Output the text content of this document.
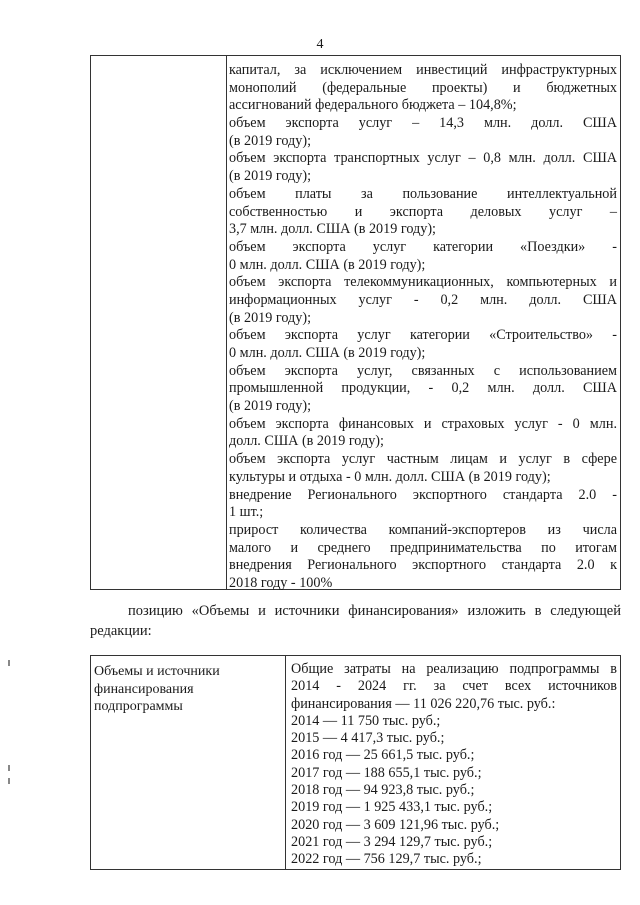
4
капитал, за исключением инвестиций инфраструктурных
монополий (федеральные проекты) и бюджетных
ассигнований федерального бюджета – 104,8%;
объем экспорта услуг – 14,3 млн. долл. США
(в 2019 году);
объем экспорта транспортных услуг – 0,8 млн. долл. США
(в 2019 году);
объем платы за пользование интеллектуальной
собственностью и экспорта деловых услуг –
3,7 млн. долл. США (в 2019 году);
объем экспорта услуг категории «Поездки» -
0 млн. долл. США (в 2019 году);
объем экспорта телекоммуникационных, компьютерных и
информационных услуг - 0,2 млн. долл. США
(в 2019 году);
объем экспорта услуг категории «Строительство» -
0 млн. долл. США (в 2019 году);
объем экспорта услуг, связанных с использованием
промышленной продукции, - 0,2 млн. долл. США
(в 2019 году);
объем экспорта финансовых и страховых услуг - 0 млн.
долл. США (в 2019 году);
объем экспорта услуг частным лицам и услуг в сфере
культуры и отдыха - 0 млн. долл. США (в 2019 году);
внедрение Регионального экспортного стандарта 2.0 -
1 шт.;
прирост количества компаний-экспортеров из числа
малого и среднего предпринимательства по итогам
внедрения Регионального экспортного стандарта 2.0 к
2018 году - 100%
позицию «Объемы и источники финансирования» изложить в следующей
редакции:
Объемы и источники
финансирования
подпрограммы
Общие затраты на реализацию подпрограммы в
2014 - 2024 гг. за счет всех источников
финансирования — 11 026 220,76 тыс. руб.:
2014 — 11 750 тыс. руб.;
2015 — 4 417,3 тыс. руб.;
2016 год — 25 661,5 тыс. руб.;
2017 год — 188 655,1 тыс. руб.;
2018 год — 94 923,8 тыс. руб.;
2019 год — 1 925 433,1 тыс. руб.;
2020 год — 3 609 121,96 тыс. руб.;
2021 год — 3 294 129,7 тыс. руб.;
2022 год — 756 129,7 тыс. руб.;
